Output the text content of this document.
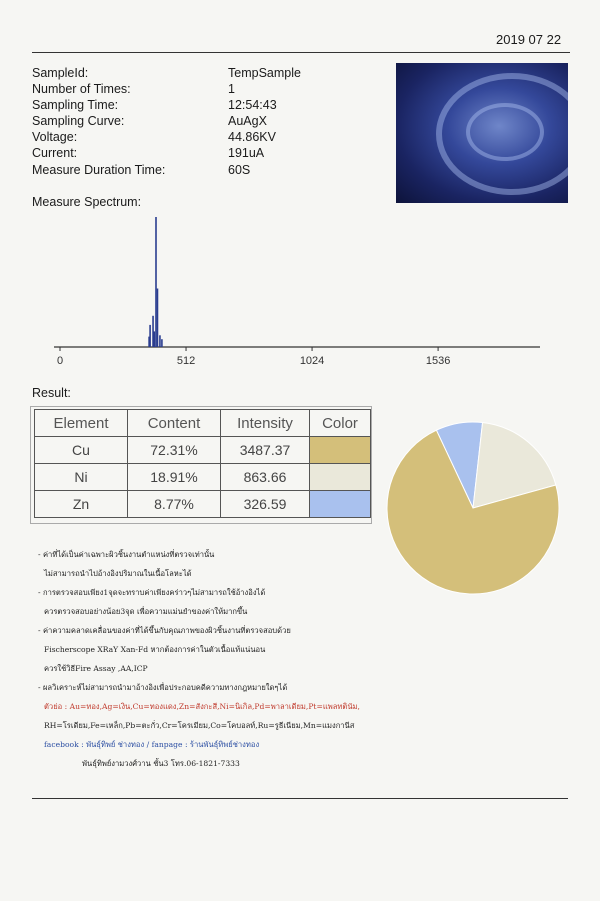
2019 07 22
SampleId:	TempSample
Number of Times:	1
Sampling Time:	12:54:43
Sampling Curve:	AuAgX
Voltage:	44.86KV
Current:	191uA
Measure Duration Time:	60S
Measure Spectrum:
0	512	1024	1536
Result:
Element	Content	Intensity	Color
Cu	72.31%	3487.37	
Ni	18.91%	863.66	
Zn	8.77%	326.59	
- ค่าที่ได้เป็นค่าเฉพาะผิวชิ้นงานตำแหน่งที่ตรวจเท่านั้น
ไม่สามารถนำไปอ้างอิงปริมาณในเนื้อโลหะได้
- การตรวจสอบเพียง1จุดจะทราบค่าเพียงคร่าวๆไม่สามารถใช้อ้างอิงได้
ควรตรวจสอบอย่างน้อย3จุด เพื่อความแม่นยำของค่าให้มากขึ้น
- ค่าความคลาดเคลื่อนของค่าที่ได้ขึ้นกับคุณภาพของผิวชิ้นงานที่ตรวจสอบด้วย
Fischerscope XRaY Xan-Fd หากต้องการค่าในตัวเนื้อแท้แน่นอน
ควรใช้วิธีFire Assay ,AA,ICP
- ผลวิเคราะห์ไม่สามารถนำมาอ้างอิงเพื่อประกอบคดีความทางกฎหมายใดๆได้
ตัวย่อ : Au=ทอง,Ag=เงิน,Cu=ทองแดง,Zn=สังกะสี,Ni=นิเกิล,Pd=พาลาเดียม,Pt=แพลทตินัม,
RH=โรเดียม,Fe=เหล็ก,Pb=ตะกั่ว,Cr=โครเมียม,Co=โคบอลท์,Ru=รูธีเนียม,Mn=แมงกานีส
facebook : พันธุ์ทิพย์ ช่างทอง / fanpage : ร้านพันธุ์ทิพย์ช่างทอง
พันธุ์ทิพย์งามวงศ์วาน ชั้น3 โทร.06-1821-7333
